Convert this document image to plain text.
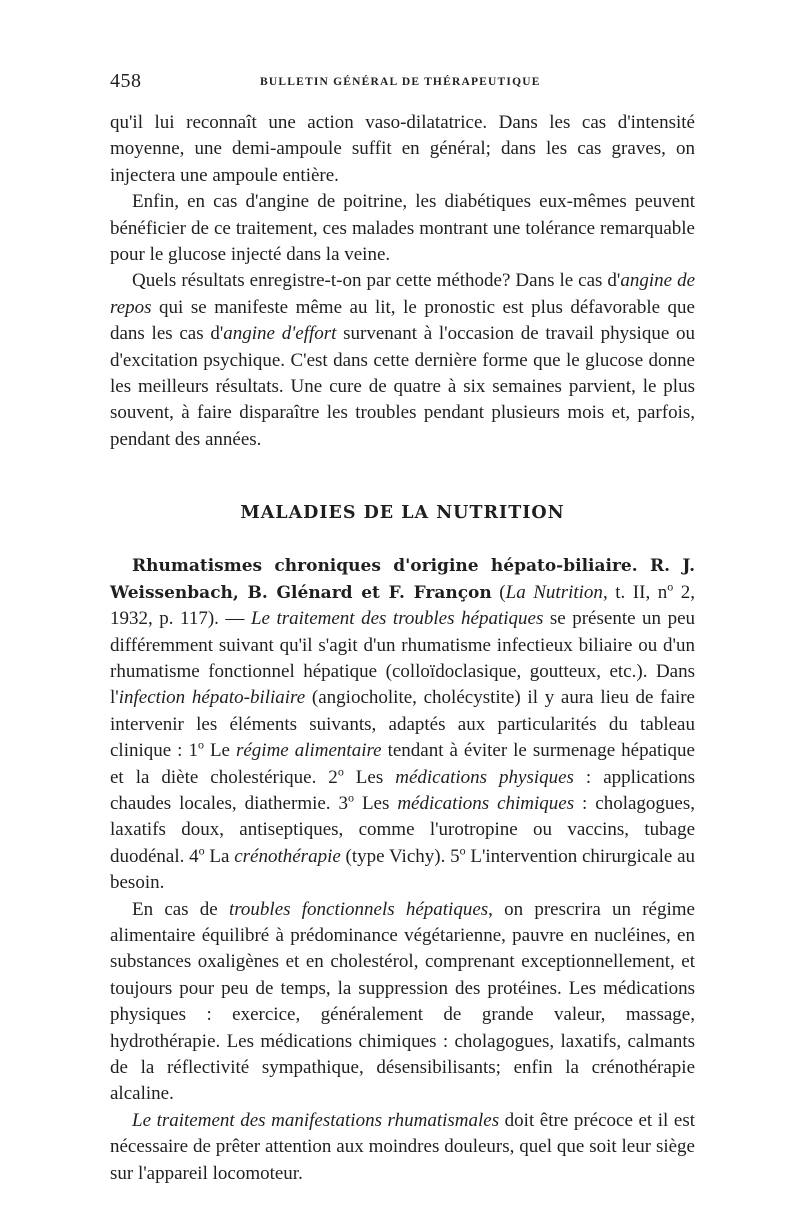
458	BULLETIN GÉNÉRAL DE THÉRAPEUTIQUE

qu'il lui reconnaît une action vaso-dilatatrice. Dans les cas d'intensité moyenne, une demi-ampoule suffit en général; dans les cas graves, on injectera une ampoule entière.

Enfin, en cas d'angine de poitrine, les diabétiques eux-mêmes peuvent bénéficier de ce traitement, ces malades montrant une tolérance remarquable pour le glucose injecté dans la veine.

Quels résultats enregistre-t-on par cette méthode? Dans le cas d'angine de repos qui se manifeste même au lit, le pronostic est plus défavorable que dans les cas d'angine d'effort survenant à l'occasion de travail physique ou d'excitation psychique. C'est dans cette dernière forme que le glucose donne les meilleurs résultats. Une cure de quatre à six semaines parvient, le plus souvent, à faire disparaître les troubles pendant plusieurs mois et, parfois, pendant des années.

MALADIES DE LA NUTRITION

Rhumatismes chroniques d'origine hépato-biliaire. R. J. Weissenbach, B. Glénard et F. Françon (La Nutrition, t. II, $n^o$ 2, 1932, p. 117). — Le traitement des troubles hépatiques se présente un peu différemment suivant qu'il s'agit d'un rhumatisme infectieux biliaire ou d'un rhumatisme fonctionnel hépatique (colloïdoclasique, goutteux, etc.). Dans l'infection hépato-biliaire (angiocholite, cholécystite) il y aura lieu de faire intervenir les éléments suivants, adaptés aux particularités du tableau clinique : 1$^o$ Le régime alimentaire tendant à éviter le surmenage hépatique et la diète cholestérique. 2$^o$ Les médications physiques : applications chaudes locales, diathermie. 3$^o$ Les médications chimiques : cholagogues, laxatifs doux, antiseptiques, comme l'urotropine ou vaccins, tubage duodénal. 4$^o$ La crénothérapie (type Vichy). 5$^o$ L'intervention chirurgicale au besoin.

En cas de troubles fonctionnels hépatiques, on prescrira un régime alimentaire équilibré à prédominance végétarienne, pauvre en nucléines, en substances oxaligènes et en cholestérol, comprenant exceptionnellement, et toujours pour peu de temps, la suppression des protéines. Les médications physiques : exercice, généralement de grande valeur, massage, hydrothérapie. Les médications chimiques : cholagogues, laxatifs, calmants de la réflectivité sympathique, désensibilisants; enfin la crénothérapie alcaline.

Le traitement des manifestations rhumatismales doit être précoce et il est nécessaire de prêter attention aux moindres douleurs, quel que soit leur siège sur l'appareil locomoteur.
